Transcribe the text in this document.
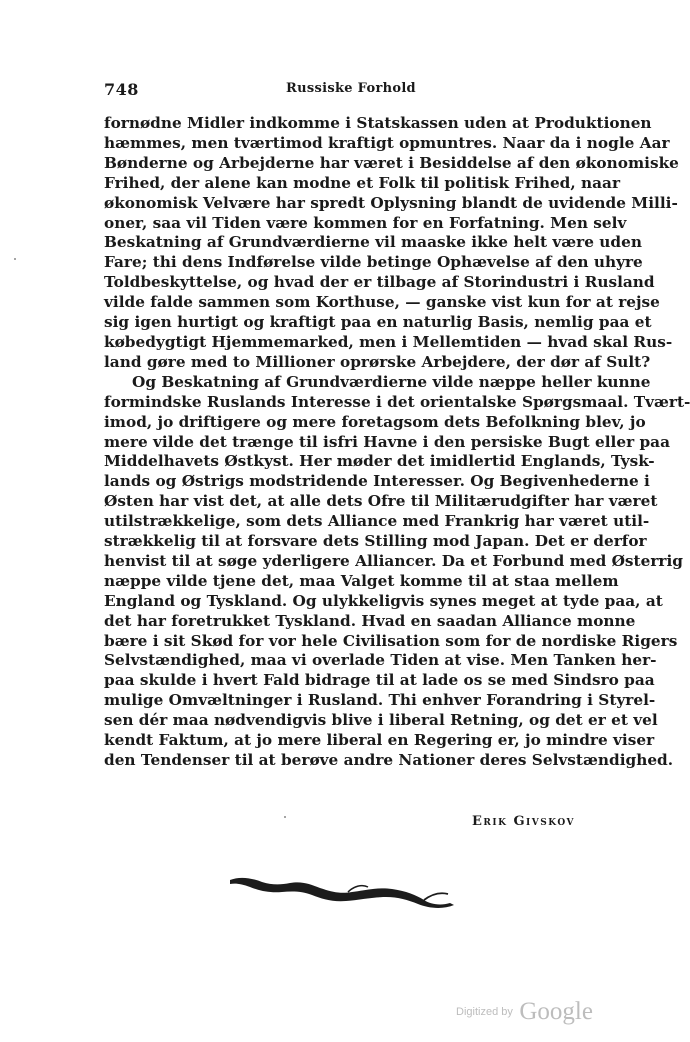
748	Russiske Forhold
fornødne Midler indkomme i Statskassen uden at Produktionen
hæmmes, men tværtimod kraftigt opmuntres. Naar da i nogle Aar
Bønderne og Arbejderne har været i Besiddelse af den økonomiske
Frihed, der alene kan modne et Folk til politisk Frihed, naar
økonomisk Velvære har spredt Oplysning blandt de uvidende Milli-
oner, saa vil Tiden være kommen for en Forfatning. Men selv
Beskatning af Grundværdierne vil maaske ikke helt være uden
Fare; thi dens Indførelse vilde betinge Ophævelse af den uhyre
Toldbeskyttelse, og hvad der er tilbage af Storindustri i Rusland
vilde falde sammen som Korthuse, — ganske vist kun for at rejse
sig igen hurtigt og kraftigt paa en naturlig Basis, nemlig paa et
købedygtigt Hjemmemarked, men i Mellemtiden — hvad skal Rus-
land gøre med to Millioner oprørske Arbejdere, der dør af Sult?
Og Beskatning af Grundværdierne vilde næppe heller kunne
formindske Ruslands Interesse i det orientalske Spørgsmaal. Tvært-
imod, jo driftigere og mere foretagsom dets Befolkning blev, jo
mere vilde det trænge til isfri Havne i den persiske Bugt eller paa
Middelhavets Østkyst. Her møder det imidlertid Englands, Tysk-
lands og Østrigs modstridende Interesser. Og Begivenhederne i
Østen har vist det, at alle dets Ofre til Militærudgifter har været
utilstrækkelige, som dets Alliance med Frankrig har været util-
strækkelig til at forsvare dets Stilling mod Japan. Det er derfor
henvist til at søge yderligere Alliancer. Da et Forbund med Østerrig
næppe vilde tjene det, maa Valget komme til at staa mellem
England og Tyskland. Og ulykkeligvis synes meget at tyde paa, at
det har foretrukket Tyskland. Hvad en saadan Alliance monne
bære i sit Skød for vor hele Civilisation som for de nordiske Rigers
Selvstændighed, maa vi overlade Tiden at vise. Men Tanken her-
paa skulde i hvert Fald bidrage til at lade os se med Sindsro paa
mulige Omvæltninger i Rusland. Thi enhver Forandring i Styrel-
sen dér maa nødvendigvis blive i liberal Retning, og det er et vel
kendt Faktum, at jo mere liberal en Regering er, jo mindre viser
den Tendenser til at berøve andre Nationer deres Selvstændighed.
Erik Givskov
Digitized by Google
